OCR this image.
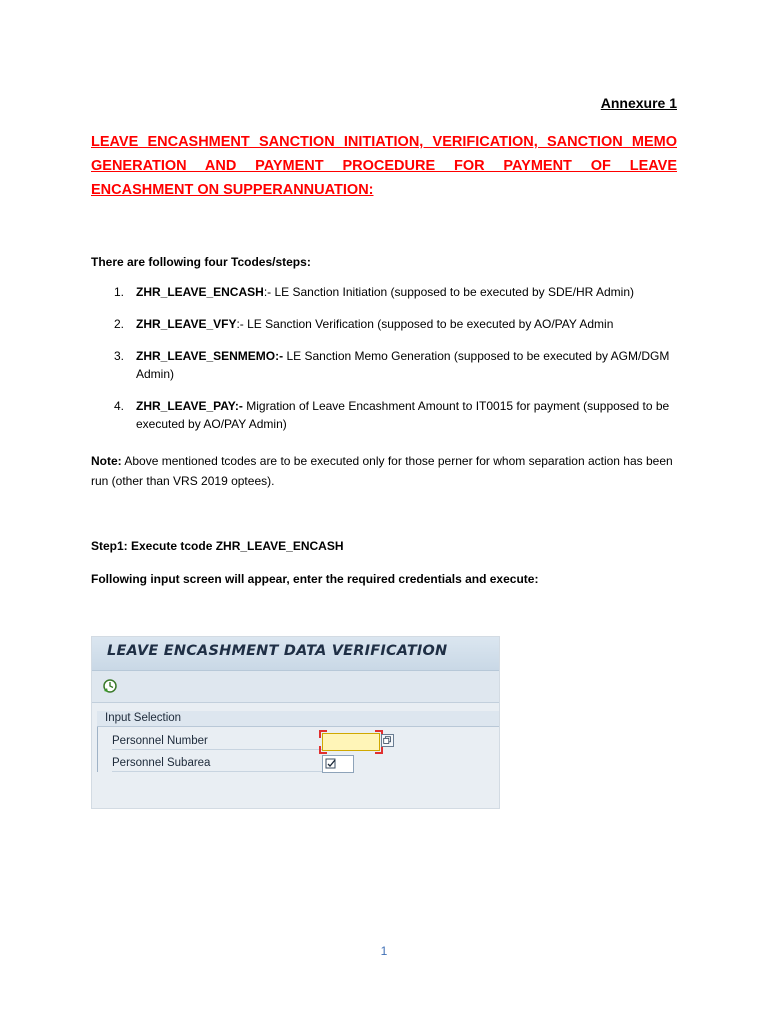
Annexure 1

LEAVE ENCASHMENT SANCTION INITIATION, VERIFICATION, SANCTION MEMO
GENERATION AND PAYMENT PROCEDURE FOR PAYMENT OF LEAVE
ENCASHMENT ON SUPPERANNUATION:

There are following four Tcodes/steps:
1. ZHR_LEAVE_ENCASH:- LE Sanction Initiation (supposed to be executed by SDE/HR Admin)
2. ZHR_LEAVE_VFY:- LE Sanction Verification (supposed to be executed by AO/PAY Admin
3. ZHR_LEAVE_SENMEMO:- LE Sanction Memo Generation (supposed to be executed by AGM/DGM Admin)
4. ZHR_LEAVE_PAY:- Migration of Leave Encashment Amount to IT0015 for payment (supposed to be executed by AO/PAY Admin)
Note: Above mentioned tcodes are to be executed only for those perner for whom separation action has been run (other than VRS 2019 optees).
Step1: Execute tcode ZHR_LEAVE_ENCASH
Following input screen will appear, enter the required credentials and execute:
LEAVE ENCASHMENT DATA VERIFICATION
Input Selection
Personnel Number
Personnel Subarea
1
